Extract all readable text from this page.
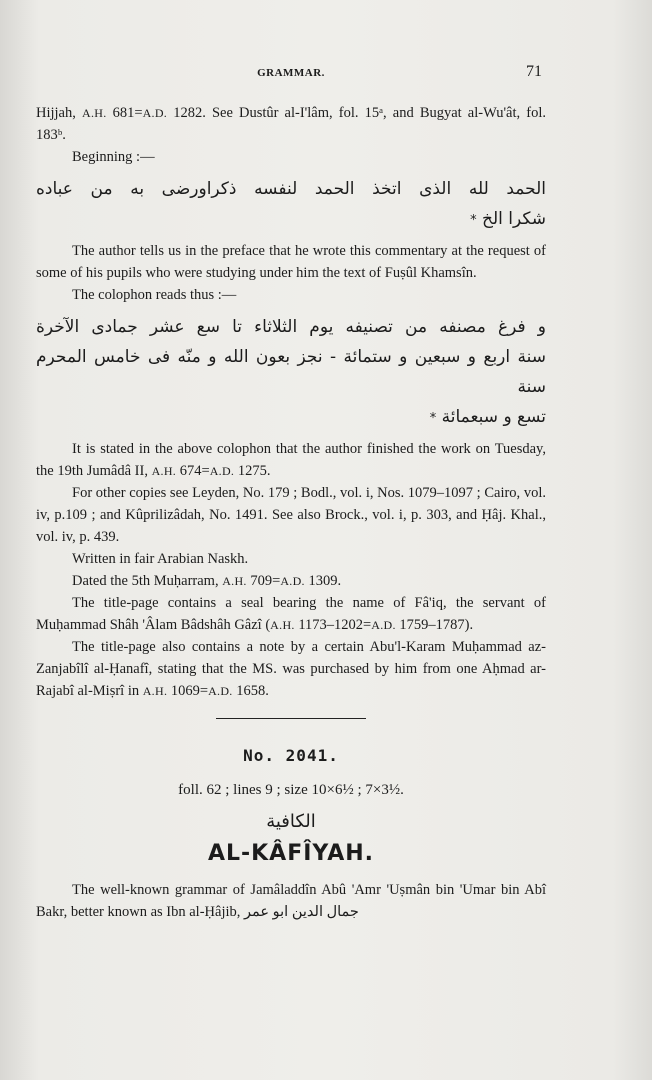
GRAMMAR.	71

Hijjah, A.H. 681=A.D. 1282. See Dustûr al-I'lâm, fol. 15ᵃ, and Bugyat al-Wu'ât, fol. 183ᵇ.

Beginning :—

الحمد لله الذى اتخذ الحمد لنفسه ذكراورضى به من عباده
شكرا الخ *

The author tells us in the preface that he wrote this commentary at the request of some of his pupils who were studying under him the text of Fuṣûl Khamsîn.

The colophon reads thus :—

و فرغ مصنفه من تصنيفه يوم الثلاثاء تا سع عشر جمادى الآخرة
سنة اربع و سبعين و ستمائة - نجز بعون الله و منّه فى خامس المحرم سنة
تسع و سبعمائة *

It is stated in the above colophon that the author finished the work on Tuesday, the 19th Jumâdâ II, A.H. 674=A.D. 1275.

For other copies see Leyden, No. 179 ; Bodl., vol. i, Nos. 1079–1097 ; Cairo, vol. iv, p.109 ; and Kûprilizâdah, No. 1491. See also Brock., vol. i, p. 303, and Ḥâj. Khal., vol. iv, p. 439.

Written in fair Arabian Naskh.

Dated the 5th Muḥarram, A.H. 709=A.D. 1309.

The title-page contains a seal bearing the name of Fâ'iq, the servant of Muḥammad Shâh 'Âlam Bâdshâh Gâzî (A.H. 1173–1202=A.D. 1759–1787).

The title-page also contains a note by a certain Abu'l-Karam Muḥammad az-Zanjabîlî al-Ḥanafî, stating that the MS. was purchased by him from one Aḥmad ar-Rajabî al-Miṣrî in A.H. 1069=A.D. 1658.

No. 2041.
foll. 62 ; lines 9 ; size 10×6½ ; 7×3½.
الكافية
AL-KÂFÎYAH.

The well-known grammar of Jamâladdîn Abû 'Amr 'Uṣmân bin 'Umar bin Abî Bakr, better known as Ibn al-Ḥâjib, جمال الدين ابو عمر
